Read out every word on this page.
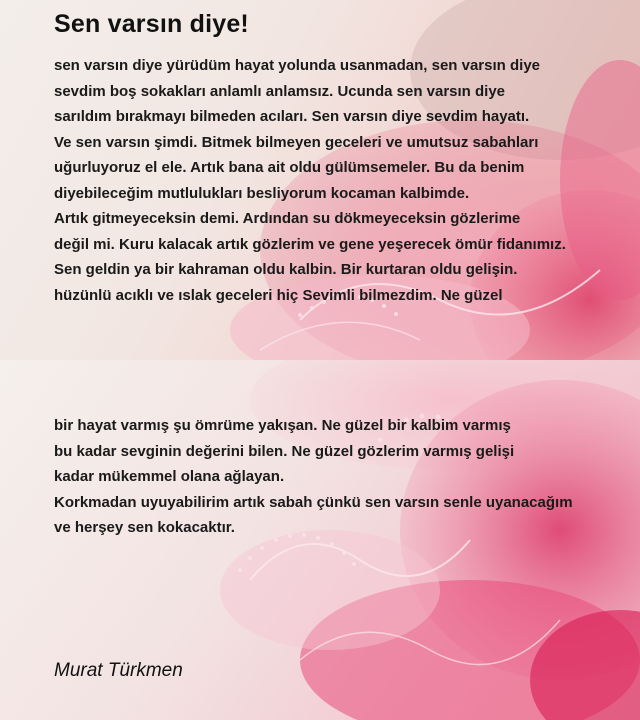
Sen varsın diye!
sen varsın diye yürüdüm hayat yolunda usanmadan, sen varsın diye
sevdim boş sokakları anlamlı anlamsız. Ucunda sen varsın diye
sarıldım bırakmayı bilmeden acıları. Sen varsın diye sevdim hayatı.
Ve sen varsın şimdi. Bitmek bilmeyen geceleri ve umutsuz sabahları
uğurluyoruz el ele. Artık bana ait oldu gülümsemeler. Bu da benim
diyebileceğim mutlulukları besliyorum kocaman kalbimde.
Artık gitmeyeceksin demi. Ardından su dökmeyeceksin gözlerime
değil mi. Kuru kalacak artık gözlerim ve gene yeşerecek ömür fidanımız.
Sen geldin ya bir kahraman oldu kalbin. Bir kurtaran oldu gelişin.
hüzünlü acıklı ve ıslak geceleri hiç Sevimli bilmezdim. Ne güzel
bir hayat varmış şu ömrüme yakışan. Ne güzel bir kalbim varmış
bu kadar sevginin değerini bilen. Ne güzel gözlerim varmış gelişi
kadar mükemmel olana ağlayan.
Korkmadan uyuyabilirim artık sabah çünkü sen varsın senle uyanacağım
ve herşey sen kokacaktır.
Murat Türkmen
